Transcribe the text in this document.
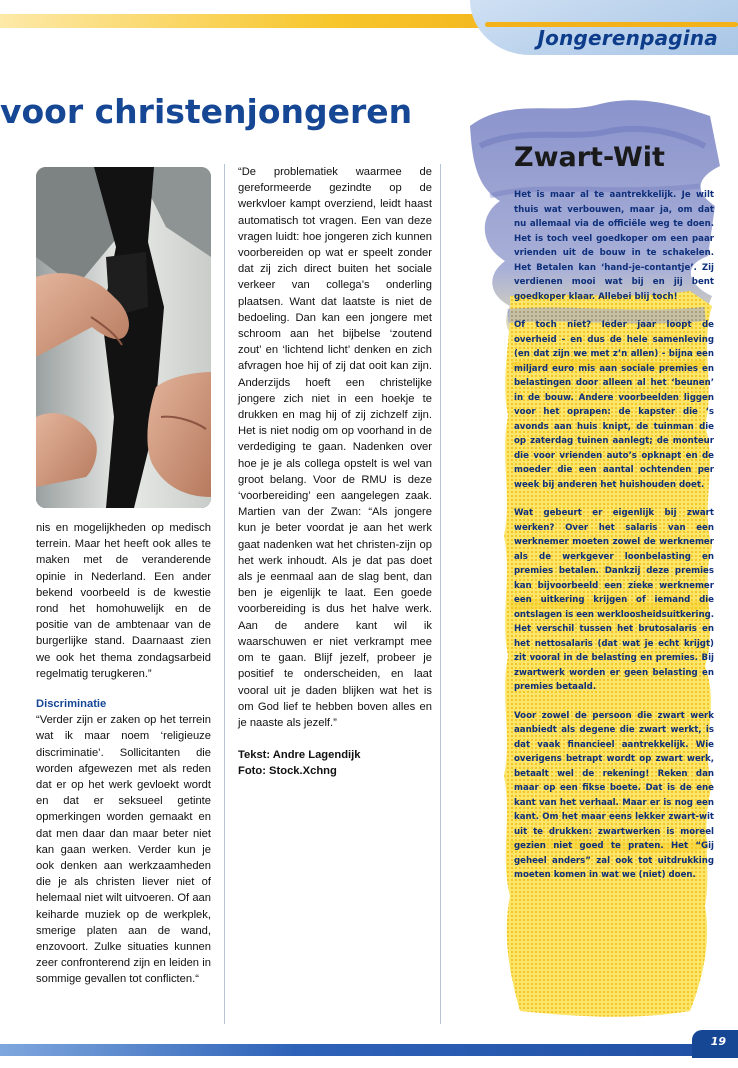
Jongerenpagina
voor christenjongeren

nis en mogelijkheden op medisch terrein. Maar het heeft ook alles te maken met de veranderende opinie in Nederland. Een ander bekend voorbeeld is de kwestie rond het homohuwelijk en de positie van de ambtenaar van de burgerlijke stand. Daarnaast zien we ook het thema zondagsarbeid regelmatig terugkeren.”

Discriminatie

“Verder zijn er zaken op het terrein wat ik maar noem ‘religieuze discriminatie’. Sollicitanten die worden afgewezen met als reden dat er op het werk gevloekt wordt en dat er seksueel getinte opmerkingen worden gemaakt en dat men daar dan maar beter niet kan gaan werken. Verder kun je ook denken aan werkzaamheden die je als christen liever niet of helemaal niet wilt uitvoeren. Of aan keiharde muziek op de werkplek, smerige platen aan de wand, enzovoort. Zulke situaties kunnen zeer confronterend zijn en leiden in sommige gevallen tot conflicten.“

“De problematiek waarmee de gereformeerde gezindte op de werkvloer kampt overziend, leidt haast automatisch tot vragen. Een van deze vragen luidt: hoe jongeren zich kunnen voorbereiden op wat er speelt zonder dat zij zich direct buiten het sociale verkeer van collega’s onderling plaatsen. Want dat laatste is niet de bedoeling. Dan kan een jongere met schroom aan het bijbelse ‘zoutend zout’ en ‘lichtend licht’ denken en zich afvragen hoe hij of zij dat ooit kan zijn. Anderzijds hoeft een christelijke jongere zich niet in een hoekje te drukken en mag hij of zij zichzelf zijn. Het is niet nodig om op voorhand in de verdediging te gaan. Nadenken over hoe je je als collega opstelt is wel van groot belang. Voor de RMU is deze ‘voorbereiding’ een aangelegen zaak. Martien van der Zwan: “Als jongere kun je beter voordat je aan het werk gaat nadenken wat het christen-zijn op het werk inhoudt. Als je dat pas doet als je eenmaal aan de slag bent, dan ben je eigenlijk te laat. Een goede voorbereiding is dus het halve werk. Aan de andere kant wil ik waarschuwen er niet verkrampt mee om te gaan. Blijf jezelf, probeer je positief te onderscheiden, en laat vooral uit je daden blijken wat het is om God lief te hebben boven alles en je naaste als jezelf.”

Tekst: Andre Lagendijk

Foto: Stock.Xchng

Zwart-Wit

Het is maar al te aantrekkelijk. Je wilt thuis wat verbouwen, maar ja, om dat nu allemaal via de officiële weg te doen. Het is toch veel goedkoper om een paar vrienden uit de bouw in te schakelen. Het Betalen kan ‘hand-je-contantje’. Zij verdienen mooi wat bij en jij bent goedkoper klaar. Allebei blij toch!

Of toch niet? Ieder jaar loopt de overheid - en dus de hele samenleving (en dat zijn we met z’n allen) - bijna een miljard euro mis aan sociale premies en belastingen door alleen al het ‘beunen’ in de bouw. Andere voorbeelden liggen voor het oprapen: de kapster die ‘s avonds aan huis knipt, de tuinman die op zaterdag tuinen aanlegt; de monteur die voor vrienden auto’s opknapt en de moeder die een aantal ochtenden per week bij anderen het huishouden doet.

Wat gebeurt er eigenlijk bij zwart werken? Over het salaris van een werknemer moeten zowel de werknemer als de werkgever loonbelasting en premies betalen. Dankzij deze premies kan bijvoorbeeld een zieke werknemer een uitkering krijgen of iemand die ontslagen is een werkloosheidsuitkering. Het verschil tussen het brutosalaris en het nettosalaris (dat wat je echt krijgt) zit vooral in de belasting en premies. Bij zwartwerk worden er geen belasting en premies betaald.

Voor zowel de persoon die zwart werk aanbiedt als degene die zwart werkt, is dat vaak financieel aantrekkelijk. Wie overigens betrapt wordt op zwart werk, betaalt wel de rekening! Reken dan maar op een fikse boete. Dat is de ene kant van het verhaal. Maar er is nog een kant. Om het maar eens lekker zwart-wit uit te drukken: zwartwerken is moreel gezien niet goed te praten. Het “Gij geheel anders” zal ook tot uitdrukking moeten komen in wat we (niet) doen.

19
